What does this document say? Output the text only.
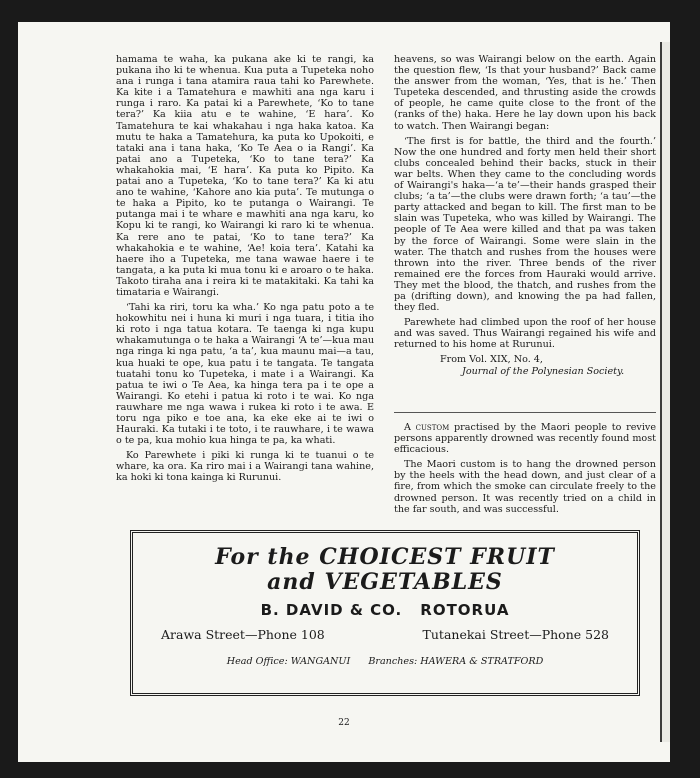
hamama te waha, ka pukana ake ki te rangi, ka pukana iho ki te whenua. Kua puta a Tupeteka noho ana i runga i tana atamira raua tahi ko Parewhete. Ka kite i a Tamatehura e mawhiti ana nga karu i runga i raro. Ka patai ki a Parewhete, ‘Ko to tane tera?’ Ka kiia atu e te wahine, ‘E hara’. Ko Tamatehura te kai whakahau i nga haka katoa. Ka mutu te haka a Tamatehura, ka puta ko Upokoiti, e tataki ana i tana haka, ‘Ko Te Aea o ia Rangi’. Ka patai ano a Tupeteka, ‘Ko to tane tera?’ Ka whakahokia mai, ‘E hara’. Ka puta ko Pipito. Ka patai ano a Tupeteka, ‘Ko to tane tera?’ Ka ki atu ano te wahine, ‘Kahore ano kia puta’. Te mutunga o te haka a Pipito, ko te putanga o Wairangi. Te putanga mai i te whare e mawhiti ana nga karu, ko Kopu ki te rangi, ko Wairangi ki raro ki te whenua. Ka rere ano te patai, ‘Ko to tane tera?’ Ka whakahokia e te wahine, ‘Ae! koia tera’. Katahi ka haere iho a Tupeteka, me tana wawae haere i te tangata, a ka puta ki mua tonu ki e aroaro o te haka. Takoto tiraha ana i reira ki te matakitaki. Ka tahi ka timataria e Wairangi.

‘Tahi ka riri, toru ka wha.’ Ko nga patu poto a te hokowhitu nei i huna ki muri i nga tuara, i titia iho ki roto i nga tatua kotara. Te taenga ki nga kupu whakamutunga o te haka a Wairangi ‘A te’—kua mau nga ringa ki nga patu, ‘a ta’, kua maunu mai—a tau, kua huaki te ope, kua patu i te tangata. Te tangata tuatahi tonu ko Tupeteka, i mate i a Wairangi. Ka patua te iwi o Te Aea, ka hinga tera pa i te ope a Wairangi. Ko etehi i patua ki roto i te wai. Ko nga rauwhare me nga wawa i rukea ki roto i te awa. E toru nga piko e toe ana, ka eke eke ai te iwi o Hauraki. Ka tutaki i te toto, i te rauwhare, i te wawa o te pa, kua mohio kua hinga te pa, ka whati.

Ko Parewhete i piki ki runga ki te tuanui o te whare, ka ora. Ka riro mai i a Wairangi tana wahine, ka hoki ki tona kainga ki Rurunui.

heavens, so was Wairangi below on the earth. Again the question flew, ‘Is that your husband?’ Back came the answer from the woman, ‘Yes, that is he.’ Then Tupeteka descended, and thrusting aside the crowds of people, he came quite close to the front of the (ranks of the) haka. Here he lay down upon his back to watch. Then Wairangi began:

‘The first is for battle, the third and the fourth.’ Now the one hundred and forty men held their short clubs concealed behind their backs, stuck in their war belts. When they came to the concluding words of Wairangi's haka—‘a te’—their hands grasped their clubs; ‘a ta’—the clubs were drawn forth; ‘a tau’—the party attacked and began to kill. The first man to be slain was Tupeteka, who was killed by Wairangi. The people of Te Aea were killed and that pa was taken by the force of Wairangi. Some were slain in the water. The thatch and rushes from the houses were thrown into the river. Three bends of the river remained ere the forces from Hauraki would arrive. They met the blood, the thatch, and rushes from the pa (drifting down), and knowing the pa had fallen, they fled.

Parewhete had climbed upon the roof of her house and was saved. Thus Wairangi regained his wife and returned to his home at Rurunui.

From Vol. XIX, No. 4,
Journal of the Polynesian Society.

A custom practised by the Maori people to revive persons apparently drowned was recently found most efficacious.

The Maori custom is to hang the drowned person by the heels with the head down, and just clear of a fire, from which the smoke can circulate freely to the drowned person. It was recently tried on a child in the far south, and was successful.

For the CHOICEST FRUIT
and VEGETABLES
B. DAVID & CO. ROTORUA
Arawa Street—Phone 108	Tutanekai Street—Phone 528
Head Office: WANGANUI Branches: HAWERA & STRATFORD
22
